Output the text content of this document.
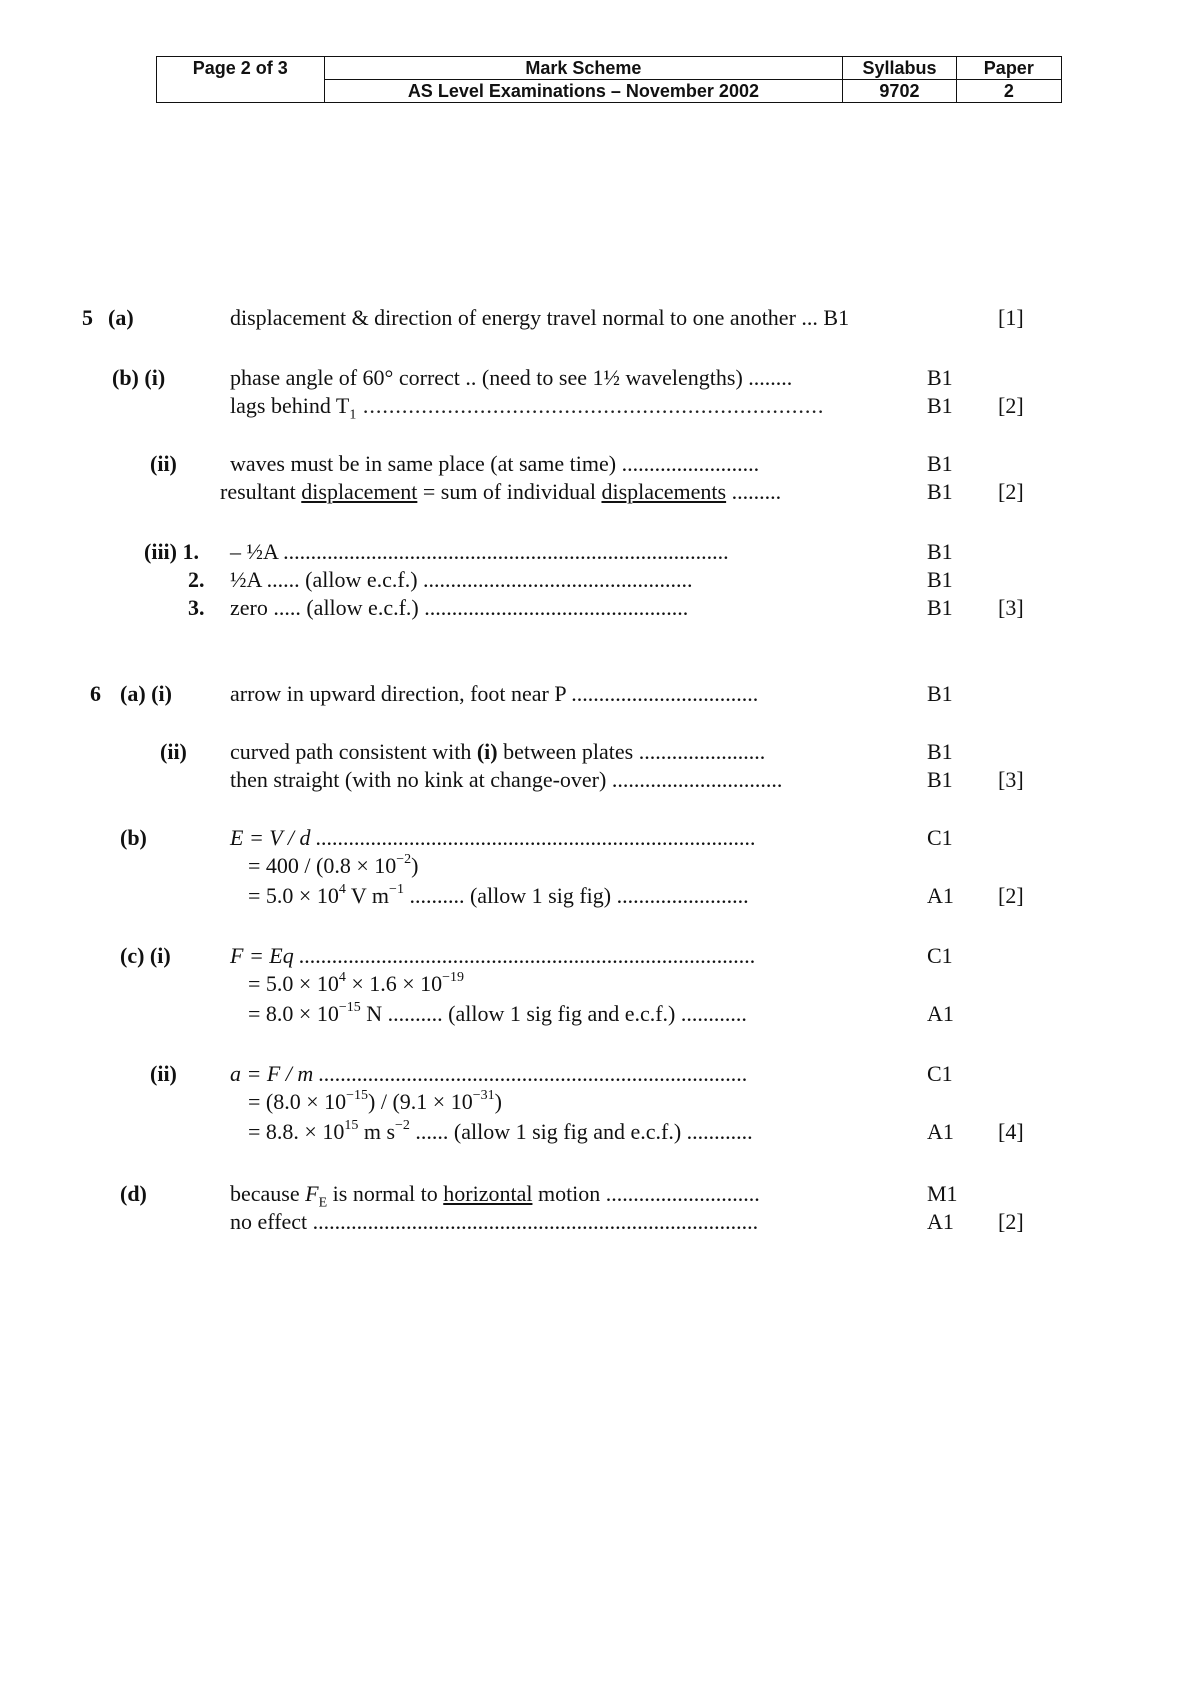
Page 2 of 3	Mark Scheme	Syllabus	Paper
	AS Level Examinations – November 2002	9702	2
5 (a)	displacement & direction of energy travel normal to one another ... B1	[1]
(b) (i)	phase angle of 60° correct .. (need to see 1½ wavelengths) ........	B1
lags behind $T_1$ .......................................................................	B1 [2]
(ii) waves must be in same place (at same time) .........................	B1
resultant displacement = sum of individual displacements .........	B1 [2]
(iii) 1. – ½A .................................................................................	B1
2. ½A ...... (allow e.c.f.) .................................................	B1
3. zero ..... (allow e.c.f.) ................................................	B1 [3]
6 (a) (i)	arrow in upward direction, foot near P ..................................	B1
(ii) curved path consistent with (i) between plates .......................	B1
then straight (with no kink at change-over) ...............................	B1 [3]
(b)	E = V / d ................................................................................	C1
= $400 / (0.8 \times 10^{-2})$
= $5.0 \times 10^4$ V $m^{-1}$ .......... (allow 1 sig fig) ........................	A1 [2]
(c) (i)	F = Eq ...................................................................................	C1
= $5.0 \times 10^4 \times 1.6 \times 10^{-19}$
= $8.0 \times 10^{-15}$ N .......... (allow 1 sig fig and e.c.f.) ............	A1
(ii) a = F / m ..............................................................................	C1
= $(8.0 \times 10^{-15}) / (9.1 \times 10^{-31})$
= 8.8. × $10^{15}$ m $s^{-2}$ ...... (allow 1 sig fig and e.c.f.) ............	A1 [4]
(d)	because $F_E$ is normal to horizontal motion ............................	M1
no effect .................................................................................	A1 [2]
